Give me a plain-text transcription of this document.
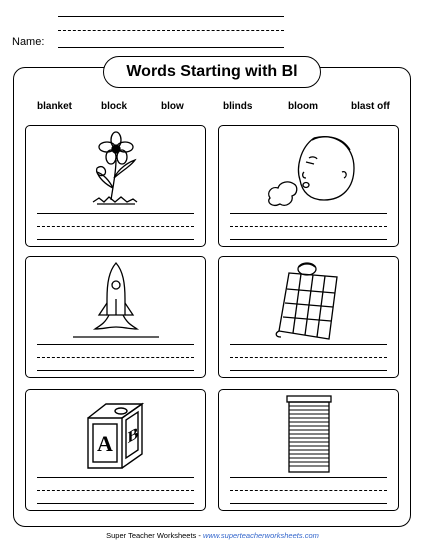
Name:
Words Starting with Bl
blanket	block	blow	blinds	bloom	blast off
A B
Super Teacher Worksheets - www.superteacherworksheets.com
